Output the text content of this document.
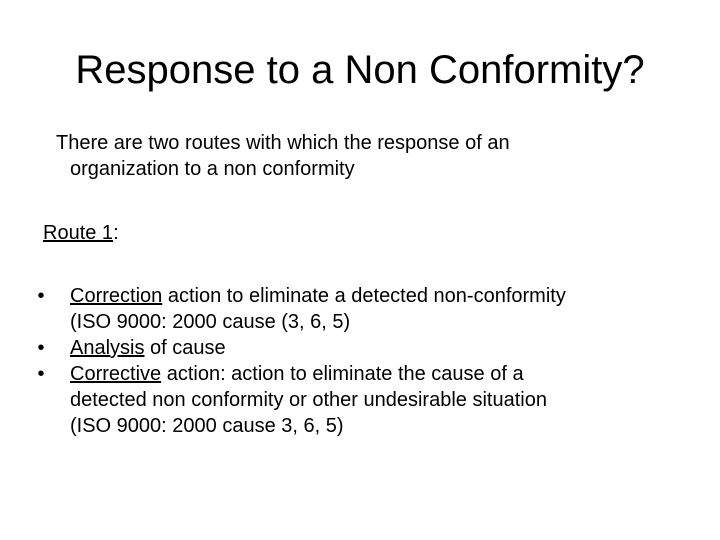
Response to a Non Conformity?
There are two routes with which the response of an
organization to a non conformity
Route 1:
•	Correction action to eliminate a detected non-conformity
(ISO 9000: 2000 cause (3, 6, 5)
•	Analysis of cause
•	Corrective action: action to eliminate the cause of a
detected non conformity or other undesirable situation
(ISO 9000: 2000 cause 3, 6, 5)
